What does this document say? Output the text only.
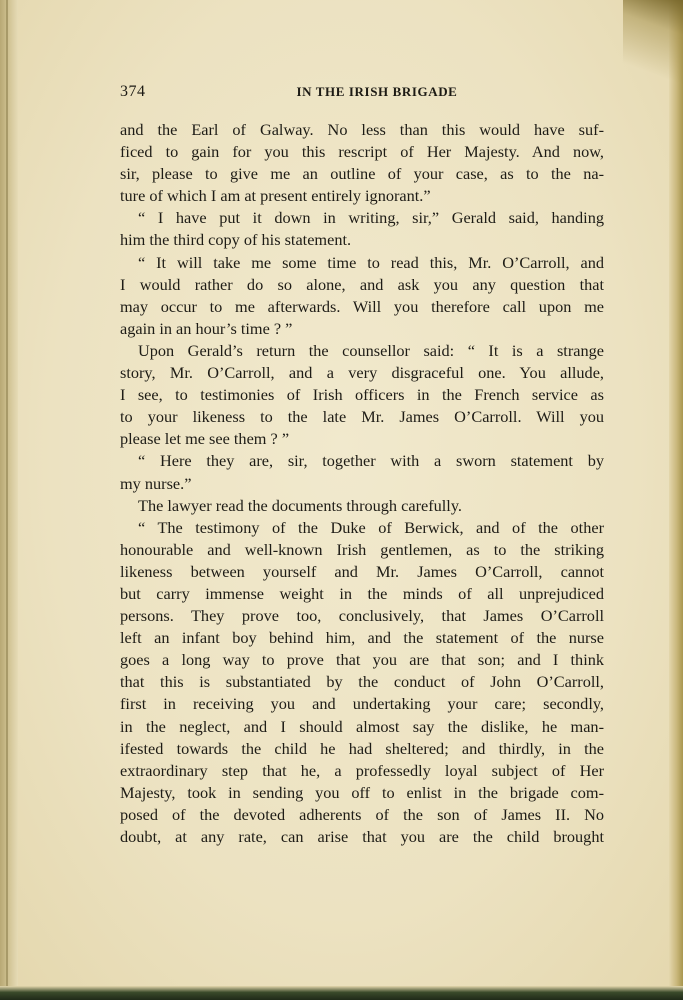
374	IN THE IRISH BRIGADE
and the Earl of Galway. No less than this would have suf-
ficed to gain for you this rescript of Her Majesty. And now,
sir, please to give me an outline of your case, as to the na-
ture of which I am at present entirely ignorant.”
“ I have put it down in writing, sir,” Gerald said, handing
him the third copy of his statement.
“ It will take me some time to read this, Mr. O’Carroll, and
I would rather do so alone, and ask you any question that
may occur to me afterwards. Will you therefore call upon me
again in an hour’s time ? ”
Upon Gerald’s return the counsellor said: “ It is a strange
story, Mr. O’Carroll, and a very disgraceful one. You allude,
I see, to testimonies of Irish officers in the French service as
to your likeness to the late Mr. James O’Carroll. Will you
please let me see them ? ”
“ Here they are, sir, together with a sworn statement by
my nurse.”
The lawyer read the documents through carefully.
“ The testimony of the Duke of Berwick, and of the other
honourable and well-known Irish gentlemen, as to the striking
likeness between yourself and Mr. James O’Carroll, cannot
but carry immense weight in the minds of all unprejudiced
persons. They prove too, conclusively, that James O’Carroll
left an infant boy behind him, and the statement of the nurse
goes a long way to prove that you are that son; and I think
that this is substantiated by the conduct of John O’Carroll,
first in receiving you and undertaking your care; secondly,
in the neglect, and I should almost say the dislike, he man-
ifested towards the child he had sheltered; and thirdly, in the
extraordinary step that he, a professedly loyal subject of Her
Majesty, took in sending you off to enlist in the brigade com-
posed of the devoted adherents of the son of James II. No
doubt, at any rate, can arise that you are the child brought
